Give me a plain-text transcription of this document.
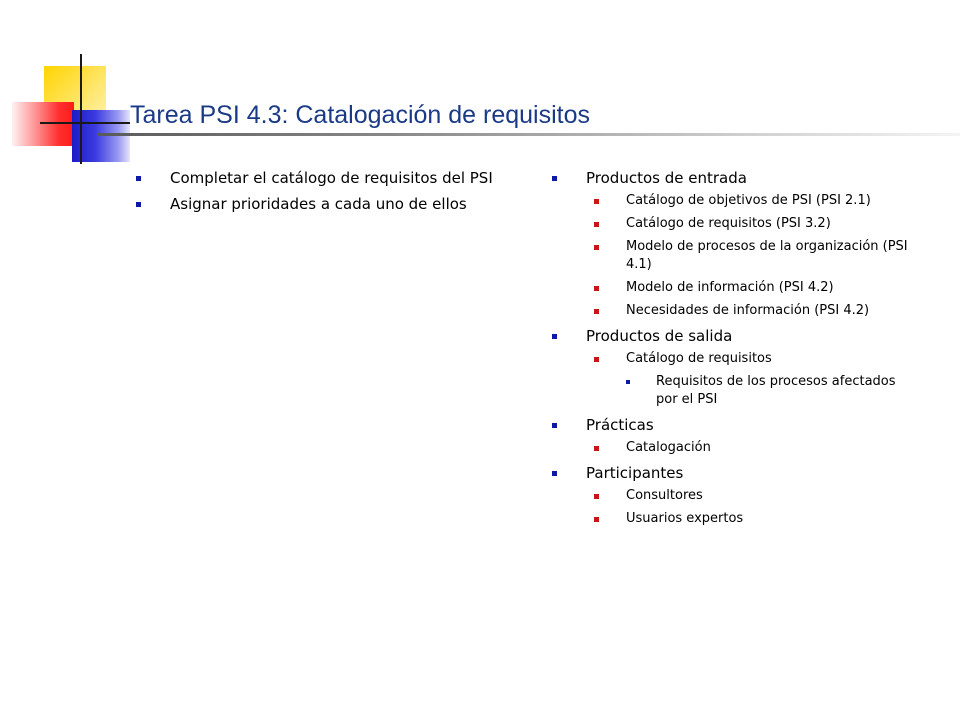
Tarea PSI 4.3: Catalogación de requisitos
Completar el catálogo de requisitos del PSI
Asignar prioridades a cada uno de ellos
Productos de entrada
Catálogo de objetivos de PSI (PSI 2.1)
Catálogo de requisitos (PSI 3.2)
Modelo de procesos de la organización (PSI 4.1)
Modelo de información (PSI 4.2)
Necesidades de información (PSI 4.2)
Productos de salida
Catálogo de requisitos
Requisitos de los procesos afectados por el PSI
Prácticas
Catalogación
Participantes
Consultores
Usuarios expertos
